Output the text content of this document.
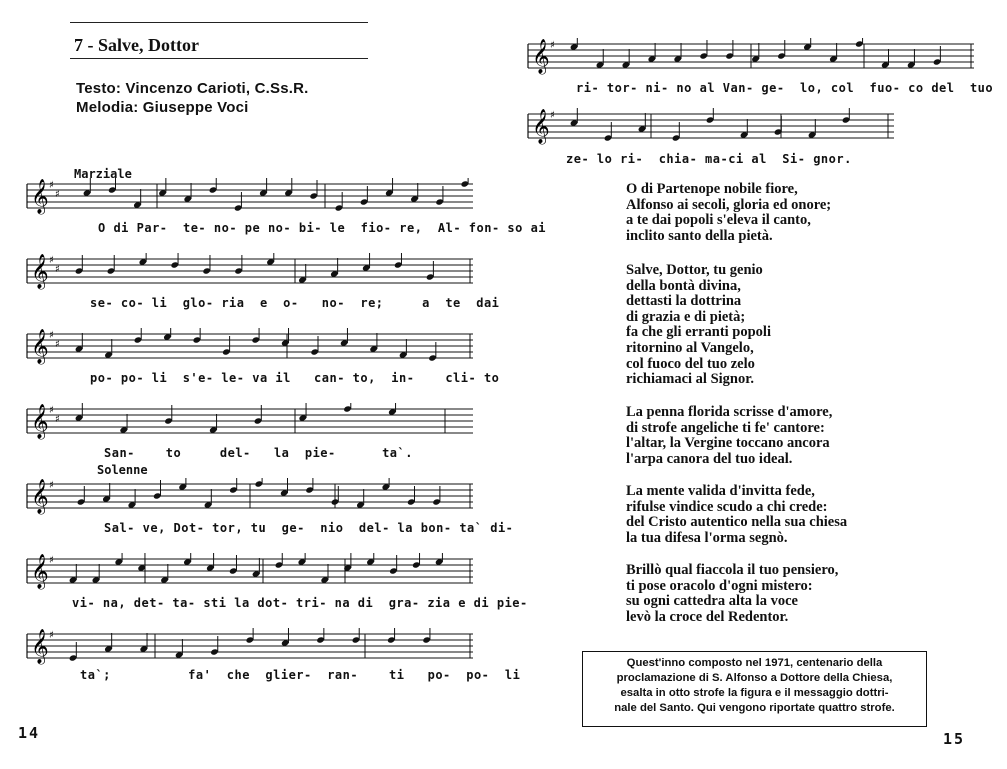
7 - Salve, Dottor
Testo: Vincenzo Carioti, C.Ss.R.
Melodia: Giuseppe Voci
Marziale
Solenne
𝄞 ♯
♯

O di Par-  te- no- pe no- bi- le  fio- re,  Al- fon- so ai
𝄞 ♯
♯
se- co- li  glo- ria  e  o-   no-  re;     a  te  dai
𝄞 ♯
♯
po- po- li  s'e- le- va il   can- to,  in-    cli- to
𝄞 ♯
♯
San-    to     del-   la  pie-      ta`.
𝄞 ♯

Sal- ve, Dot- tor, tu  ge-  nio  del- la bon- ta` di-
𝄞 ♯
vi- na, det- ta- sti la dot- tri- na di  gra- zia e di pie-
𝄞 ♯
ta`;          fa'  che  glier-  ran-    ti   po-  po-  li
14
𝄞 ♯
ri- tor- ni- no al Van- ge-  lo, col  fuo- co del  tuo
𝄞 ♯
ze- lo ri-  chia- ma-ci al  Si- gnor.
O di Partenope nobile fiore,
Alfonso ai secoli, gloria ed onore;
a te dai popoli s'eleva il canto,
inclito santo della pietà.
Salve, Dottor, tu genio
della bontà divina,
dettasti la dottrina
di grazia e di pietà;
fa che gli erranti popoli
ritornino al Vangelo,
col fuoco del tuo zelo
richiamaci al Signor.
La penna florida scrisse d'amore,
di strofe angeliche ti fe' cantore:
l'altar, la Vergine toccano ancora
l'arpa canora del tuo ideal.
La mente valida d'invitta fede,
rifulse vindice scudo a chi crede:
del Cristo autentico nella sua chiesa
la tua difesa l'orma segnò.
Brillò qual fiaccola il tuo pensiero,
ti pose oracolo d'ogni mistero:
su ogni cattedra alta la voce
levò la croce del Redentor.
Quest'inno composto nel 1971, centenario della
proclamazione di S. Alfonso a Dottore della Chiesa,
esalta in otto strofe la figura e il messaggio dottri-
nale del Santo. Qui vengono riportate quattro strofe.
15
